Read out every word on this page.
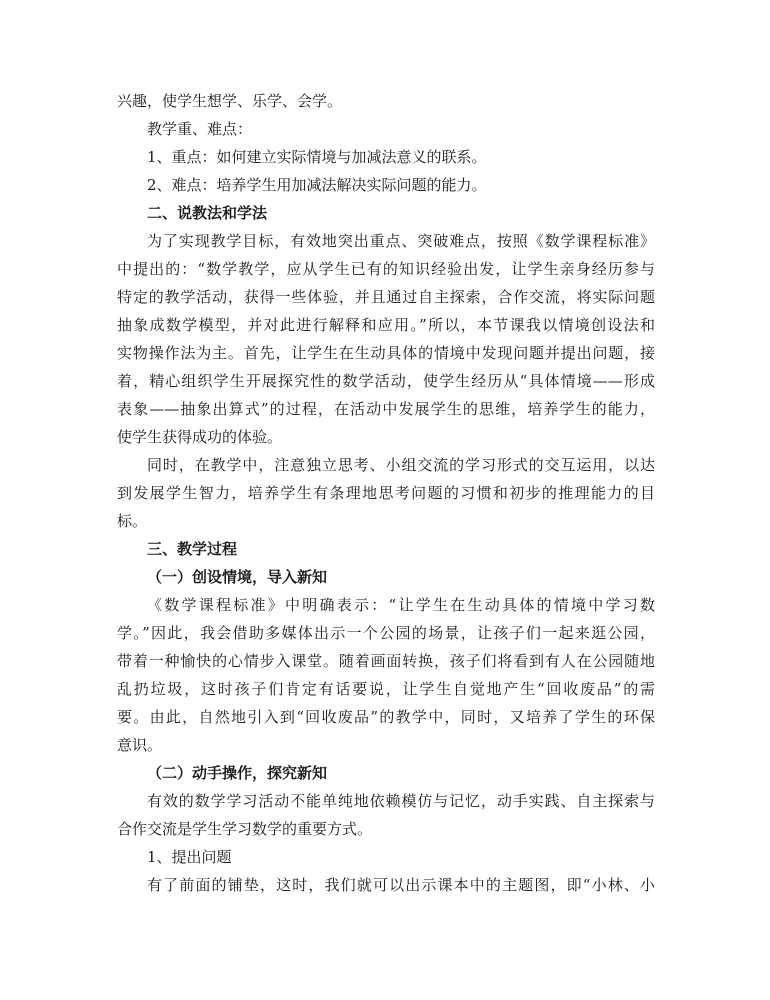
兴趣，使学生想学、乐学、会学。
教学重、难点：
1、重点：如何建立实际情境与加减法意义的联系。
2、难点：培养学生用加减法解决实际问题的能力。
二、说教法和学法
为了实现教学目标，有效地突出重点、突破难点，按照《数学课程标准》
中提出的：“数学教学，应从学生已有的知识经验出发，让学生亲身经历参与
特定的教学活动，获得一些体验，并且通过自主探索，合作交流，将实际问题
抽象成数学模型，并对此进行解释和应用。”所以，本节课我以情境创设法和
实物操作法为主。首先，让学生在生动具体的情境中发现问题并提出问题，接
着，精心组织学生开展探究性的数学活动，使学生经历从“具体情境——形成
表象——抽象出算式”的过程，在活动中发展学生的思维，培养学生的能力，
使学生获得成功的体验。
同时，在教学中，注意独立思考、小组交流的学习形式的交互运用，以达
到发展学生智力，培养学生有条理地思考问题的习惯和初步的推理能力的目
标。
三、教学过程
（一）创设情境，导入新知
《数学课程标准》中明确表示：“让学生在生动具体的情境中学习数
学。”因此，我会借助多媒体出示一个公园的场景，让孩子们一起来逛公园，
带着一种愉快的心情步入课堂。随着画面转换，孩子们将看到有人在公园随地
乱扔垃圾，这时孩子们肯定有话要说，让学生自觉地产生“回收废品”的需
要。由此，自然地引入到“回收废品”的教学中，同时，又培养了学生的环保
意识。
（二）动手操作，探究新知
有效的数学学习活动不能单纯地依赖模仿与记忆，动手实践、自主探索与
合作交流是学生学习数学的重要方式。
1、提出问题
有了前面的铺垫，这时，我们就可以出示课本中的主题图，即“小林、小
